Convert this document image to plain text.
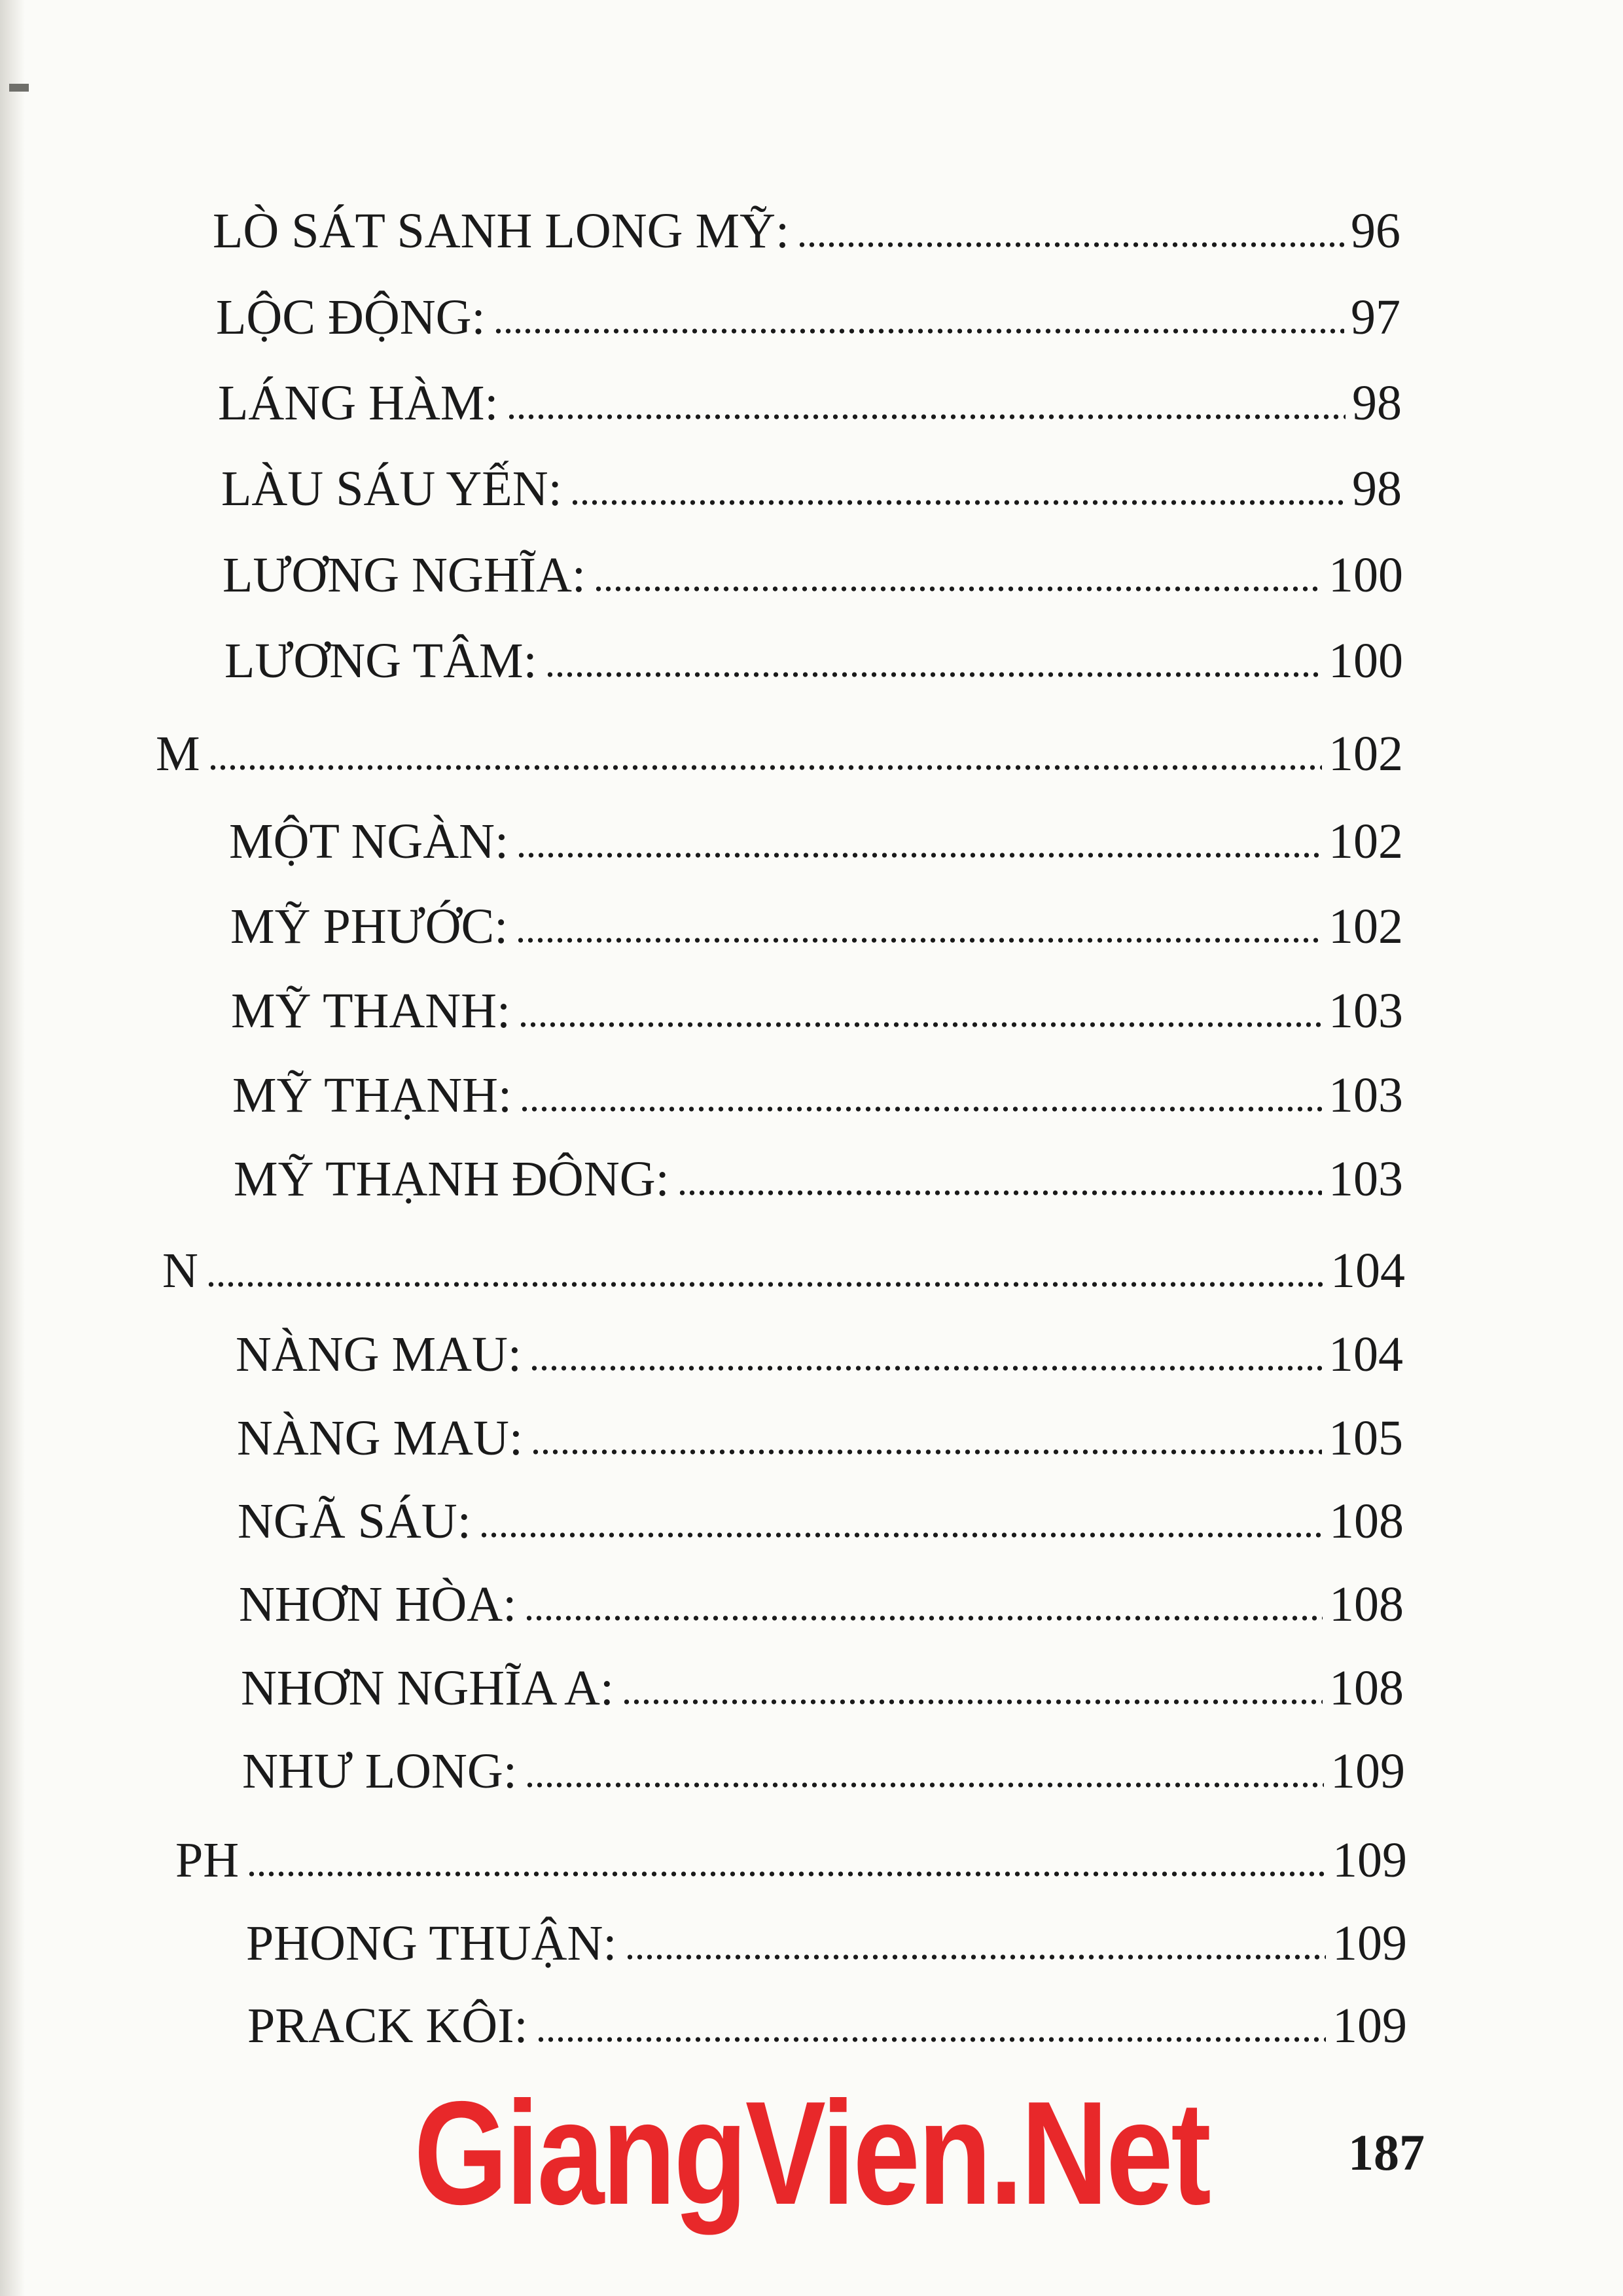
LÒ SÁT SANH LONG MỸ:	96
LỘC ĐỘNG:	97
LÁNG HÀM:	98
LÀU SÁU YẾN:	98
LƯƠNG NGHĨA:	100
LƯƠNG TÂM:	100
M	102
MỘT NGÀN:	102
MỸ PHƯỚC:	102
MỸ THANH:	103
MỸ THẠNH:	103
MỸ THẠNH ĐÔNG:	103
N	104
NÀNG MAU:	104
NÀNG MAU:	105
NGÃ SÁU:	108
NHƠN HÒA:	108
NHƠN NGHĨA A:	108
NHƯ LONG:	109
PH	109
PHONG THUẬN:	109
PRACK KÔI:	109
GiangVien.Net	187
